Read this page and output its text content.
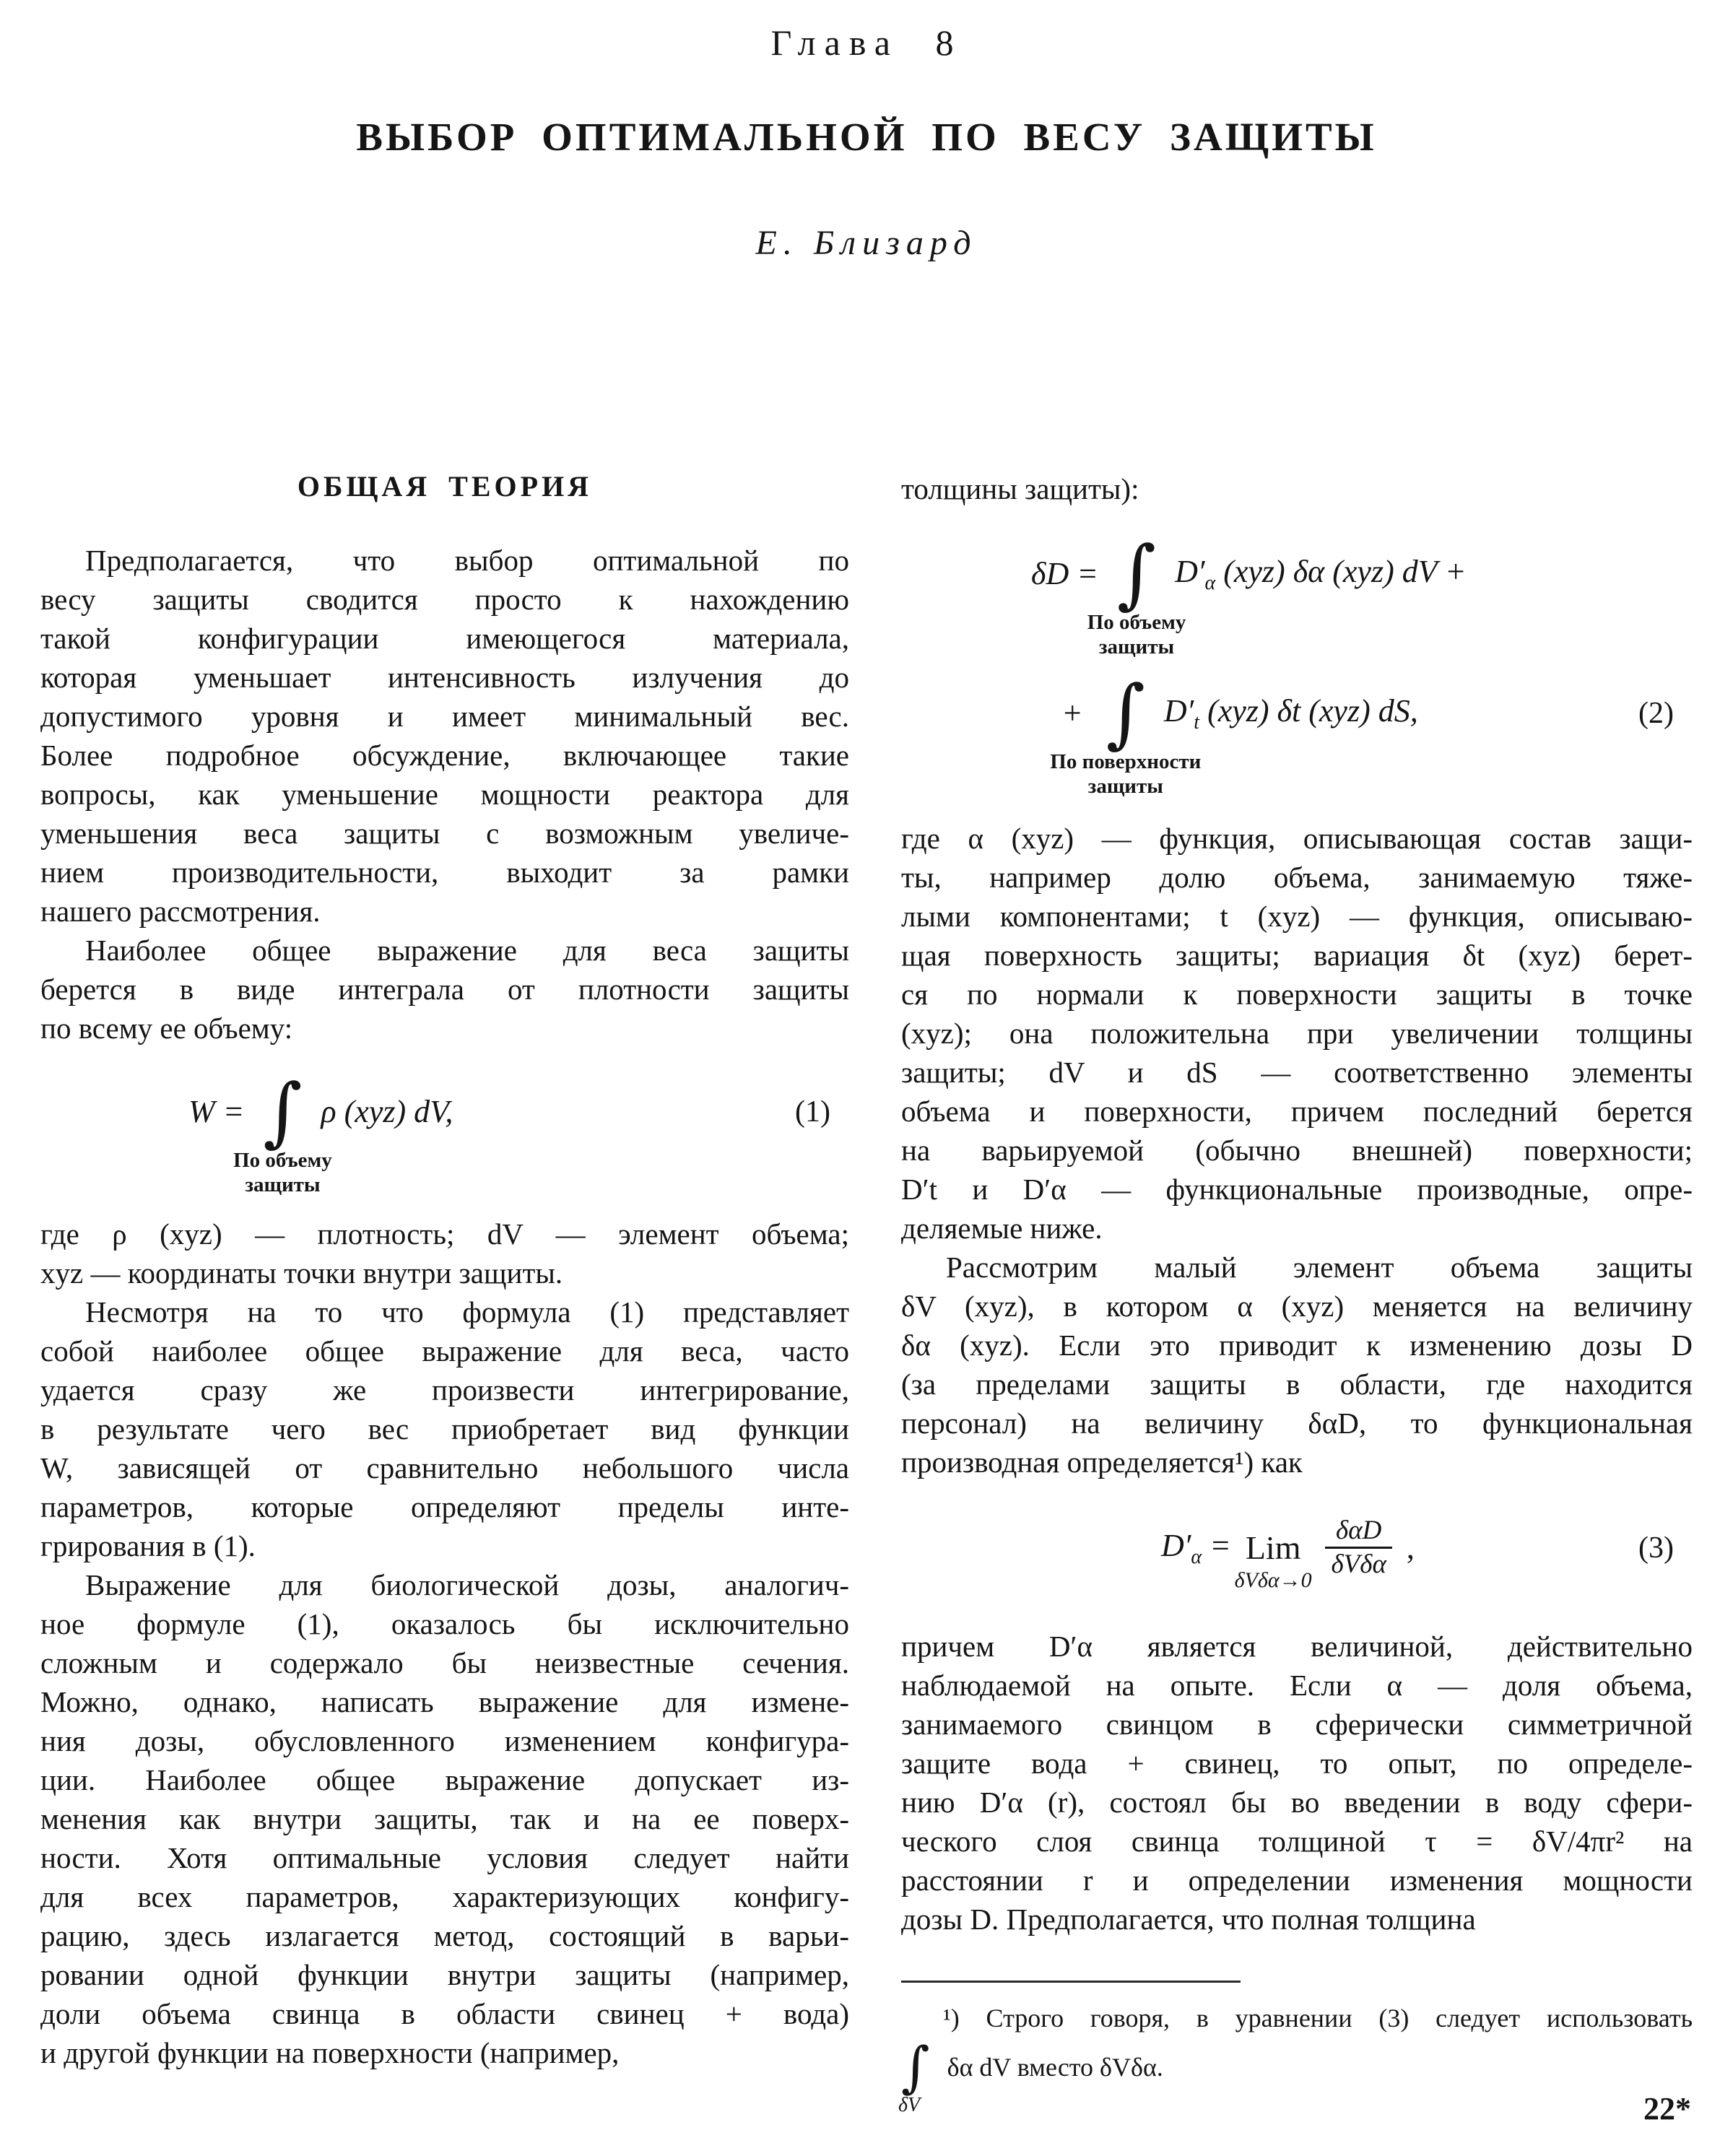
Глава 8
ВЫБОР ОПТИМАЛЬНОЙ ПО ВЕСУ ЗАЩИТЫ
Е. Близард
ОБЩАЯ ТЕОРИЯ
Предполагается, что выбор оптимальной по
весу защиты сводится просто к нахождению
такой конфигурации имеющегося материала,
которая уменьшает интенсивность излучения до
допустимого уровня и имеет минимальный вес.
Более подробное обсуждение, включающее такие
вопросы, как уменьшение мощности реактора для
уменьшения веса защиты с возможным увеличе-
нием производительности, выходит за рамки
нашего рассмотрения.
Наиболее общее выражение для веса защиты
берется в виде интеграла от плотности защиты
по всему ее объему:
W = ∫
По объему
защиты
ρ (xyz) dV,	(1)
где ρ (xyz) — плотность; dV — элемент объема;
xyz — координаты точки внутри защиты.
Несмотря на то что формула (1) представляет
собой наиболее общее выражение для веса, часто
удается сразу же произвести интегрирование,
в результате чего вес приобретает вид функции
W, зависящей от сравнительно небольшого числа
параметров, которые определяют пределы инте-
грирования в (1).
Выражение для биологической дозы, аналогич-
ное формуле (1), оказалось бы исключительно
сложным и содержало бы неизвестные сечения.
Можно, однако, написать выражение для измене-
ния дозы, обусловленного изменением конфигура-
ции. Наиболее общее выражение допускает из-
менения как внутри защиты, так и на ее поверх-
ности. Хотя оптимальные условия следует найти
для всех параметров, характеризующих конфигу-
рацию, здесь излагается метод, состоящий в варьи-
ровании одной функции внутри защиты (например,
доли объема свинца в области свинец + вода)
и другой функции на поверхности (например,
толщины защиты):
δD = ∫
По объему
защиты
$D'_\alpha$ (xyz) δα (xyz) dV +
+ ∫
По поверхности
защиты
$D'_t$ (xyz) δt (xyz) dS,	(2)
где α (xyz) — функция, описывающая состав защи-
ты, например долю объема, занимаемую тяже-
лыми компонентами; t (xyz) — функция, описываю-
щая поверхность защиты; вариация δt (xyz) берет-
ся по нормали к поверхности защиты в точке
(xyz); она положительна при увеличении толщины
защиты; dV и dS — соответственно элементы
объема и поверхности, причем последний берется
на варьируемой (обычно внешней) поверхности;
D′t и D′α — функциональные производные, опре-
деляемые ниже.
Рассмотрим малый элемент объема защиты
δV (xyz), в котором α (xyz) меняется на величину
δα (xyz). Если это приводит к изменению дозы D
(за пределами защиты в области, где находится
персонал) на величину δαD, то функциональная
производная определяется¹) как
$D'_\alpha$ = Lim
$\delta V\delta\alpha\to 0 \frac{\text{δαD}}{\text{δVδα}}$ ,	(3)
причем D′α является величиной, действительно
наблюдаемой на опыте. Если α — доля объема,
занимаемого свинцом в сферически симметричной
защите вода + свинец, то опыт, по определе-
нию D′α (r), состоял бы во введении в воду сфери-
ческого слоя свинца толщиной τ = δV/4πr² на
расстоянии r и определении изменения мощности
дозы D. Предполагается, что полная толщина
¹) Строго говоря, в уравнении (3) следует использовать
∫
δV
δα dV вместо δVδα.
22*
